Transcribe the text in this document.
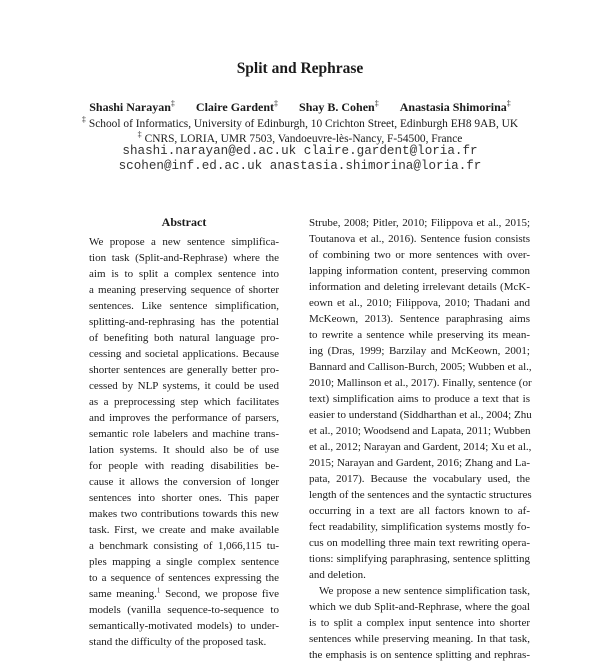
Split and Rephrase
Shashi Narayan‡ Claire Gardent‡ Shay B. Cohen‡ Anastasia Shimorina‡
‡ School of Informatics, University of Edinburgh, 10 Crichton Street, Edinburgh EH8 9AB, UK
‡ CNRS, LORIA, UMR 7503, Vandoeuvre-lès-Nancy, F-54500, France
shashi.narayan@ed.ac.uk claire.gardent@loria.fr
scohen@inf.ed.ac.uk anastasia.shimorina@loria.fr
Abstract
We propose a new sentence simplifica-
tion task (Split-and-Rephrase) where the
aim is to split a complex sentence into
a meaning preserving sequence of shorter
sentences. Like sentence simplification,
splitting-and-rephrasing has the potential
of benefiting both natural language pro-
cessing and societal applications. Because
shorter sentences are generally better pro-
cessed by NLP systems, it could be used
as a preprocessing step which facilitates
and improves the performance of parsers,
semantic role labelers and machine trans-
lation systems. It should also be of use
for people with reading disabilities be-
cause it allows the conversion of longer
sentences into shorter ones. This paper
makes two contributions towards this new
task. First, we create and make available
a benchmark consisting of 1,066,115 tu-
ples mapping a single complex sentence
to a sequence of sentences expressing the
same meaning.$^1$ Second, we propose five
models (vanilla sequence-to-sequence to
semantically-motivated models) to under-
stand the difficulty of the proposed task.
Strube, 2008; Pitler, 2010; Filippova et al., 2015;
Toutanova et al., 2016). Sentence fusion consists
of combining two or more sentences with over-
lapping information content, preserving common
information and deleting irrelevant details (McK-
eown et al., 2010; Filippova, 2010; Thadani and
McKeown, 2013). Sentence paraphrasing aims
to rewrite a sentence while preserving its mean-
ing (Dras, 1999; Barzilay and McKeown, 2001;
Bannard and Callison-Burch, 2005; Wubben et al.,
2010; Mallinson et al., 2017). Finally, sentence (or
text) simplification aims to produce a text that is
easier to understand (Siddharthan et al., 2004; Zhu
et al., 2010; Woodsend and Lapata, 2011; Wubben
et al., 2012; Narayan and Gardent, 2014; Xu et al.,
2015; Narayan and Gardent, 2016; Zhang and La-
pata, 2017). Because the vocabulary used, the
length of the sentences and the syntactic structures
occurring in a text are all factors known to af-
fect readability, simplification systems mostly fo-
cus on modelling three main text rewriting opera-
tions: simplifying paraphrasing, sentence splitting
and deletion.
We propose a new sentence simplification task,
which we dub Split-and-Rephrase, where the goal
is to split a complex input sentence into shorter
sentences while preserving meaning. In that task,
the emphasis is on sentence splitting and rephras-
